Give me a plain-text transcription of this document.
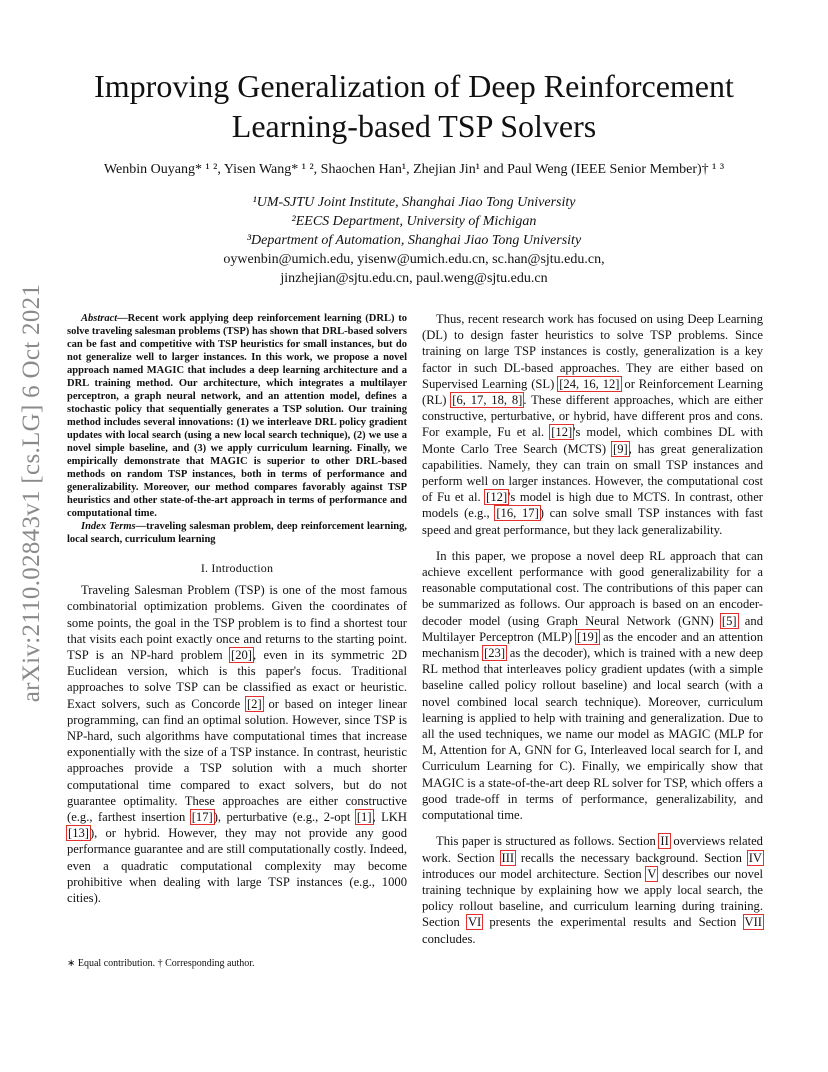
arXiv:2110.02843v1 [cs.LG] 6 Oct 2021
Improving Generalization of Deep Reinforcement
Learning-based TSP Solvers
Wenbin Ouyang* ¹ ², Yisen Wang* ¹ ², Shaochen Han¹, Zhejian Jin¹ and Paul Weng (IEEE Senior Member)† ¹ ³
¹UM-SJTU Joint Institute, Shanghai Jiao Tong University
²EECS Department, University of Michigan
³Department of Automation, Shanghai Jiao Tong University
oywenbin@umich.edu, yisenw@umich.edu.cn, sc.han@sjtu.edu.cn,
jinzhejian@sjtu.edu.cn, paul.weng@sjtu.edu.cn
Abstract—Recent work applying deep reinforcement learning (DRL) to solve traveling salesman problems (TSP) has shown that DRL-based solvers can be fast and competitive with TSP heuristics for small instances, but do not generalize well to larger instances. In this work, we propose a novel approach named MAGIC that includes a deep learning architecture and a DRL training method. Our architecture, which integrates a multilayer perceptron, a graph neural network, and an attention model, defines a stochastic policy that sequentially generates a TSP solution. Our training method includes several innovations: (1) we interleave DRL policy gradient updates with local search (using a new local search technique), (2) we use a novel simple baseline, and (3) we apply curriculum learning. Finally, we empirically demonstrate that MAGIC is superior to other DRL-based methods on random TSP instances, both in terms of performance and generalizability. Moreover, our method compares favorably against TSP heuristics and other state-of-the-art approach in terms of performance and computational time.
Index Terms—traveling salesman problem, deep reinforcement learning, local search, curriculum learning
I. Introduction

Traveling Salesman Problem (TSP) is one of the most famous combinatorial optimization problems. Given the coordinates of some points, the goal in the TSP problem is to find a shortest tour that visits each point exactly once and returns to the starting point. TSP is an NP-hard problem [20], even in its symmetric 2D Euclidean version, which is this paper's focus. Traditional approaches to solve TSP can be classified as exact or heuristic. Exact solvers, such as Concorde [2] or based on integer linear programming, can find an optimal solution. However, since TSP is NP-hard, such algorithms have computational times that increase exponentially with the size of a TSP instance. In contrast, heuristic approaches provide a TSP solution with a much shorter computational time compared to exact solvers, but do not guarantee optimality. These approaches are either constructive (e.g., farthest insertion [17]), perturbative (e.g., 2-opt [1], LKH [13]), or hybrid. However, they may not provide any good performance guarantee and are still computationally costly. Indeed, even a quadratic computational complexity may become prohibitive when dealing with large TSP instances (e.g., 1000 cities).

∗ Equal contribution. † Corresponding author.

Thus, recent research work has focused on using Deep Learning (DL) to design faster heuristics to solve TSP problems. Since training on large TSP instances is costly, generalization is a key factor in such DL-based approaches. They are either based on Supervised Learning (SL) [24, 16, 12] or Reinforcement Learning (RL) [6, 17, 18, 8]. These different approaches, which are either constructive, perturbative, or hybrid, have different pros and cons. For example, Fu et al. [12]'s model, which combines DL with Monte Carlo Tree Search (MCTS) [9], has great generalization capabilities. Namely, they can train on small TSP instances and perform well on larger instances. However, the computational cost of Fu et al. [12]'s model is high due to MCTS. In contrast, other models (e.g., [16, 17]) can solve small TSP instances with fast speed and great performance, but they lack generalizability.

In this paper, we propose a novel deep RL approach that can achieve excellent performance with good generalizability for a reasonable computational cost. The contributions of this paper can be summarized as follows. Our approach is based on an encoder-decoder model (using Graph Neural Network (GNN) [5] and Multilayer Perceptron (MLP) [19] as the encoder and an attention mechanism [23] as the decoder), which is trained with a new deep RL method that interleaves policy gradient updates (with a simple baseline called policy rollout baseline) and local search (with a novel combined local search technique). Moreover, curriculum learning is applied to help with training and generalization. Due to all the used techniques, we name our model as MAGIC (MLP for M, Attention for A, GNN for G, Interleaved local search for I, and Curriculum Learning for C). Finally, we empirically show that MAGIC is a state-of-the-art deep RL solver for TSP, which offers a good trade-off in terms of performance, generalizability, and computational time.

This paper is structured as follows. Section II overviews related work. Section III recalls the necessary background. Section IV introduces our model architecture. Section V describes our novel training technique by explaining how we apply local search, the policy rollout baseline, and curriculum learning during training. Section VI presents the experimental results and Section VII concludes.
